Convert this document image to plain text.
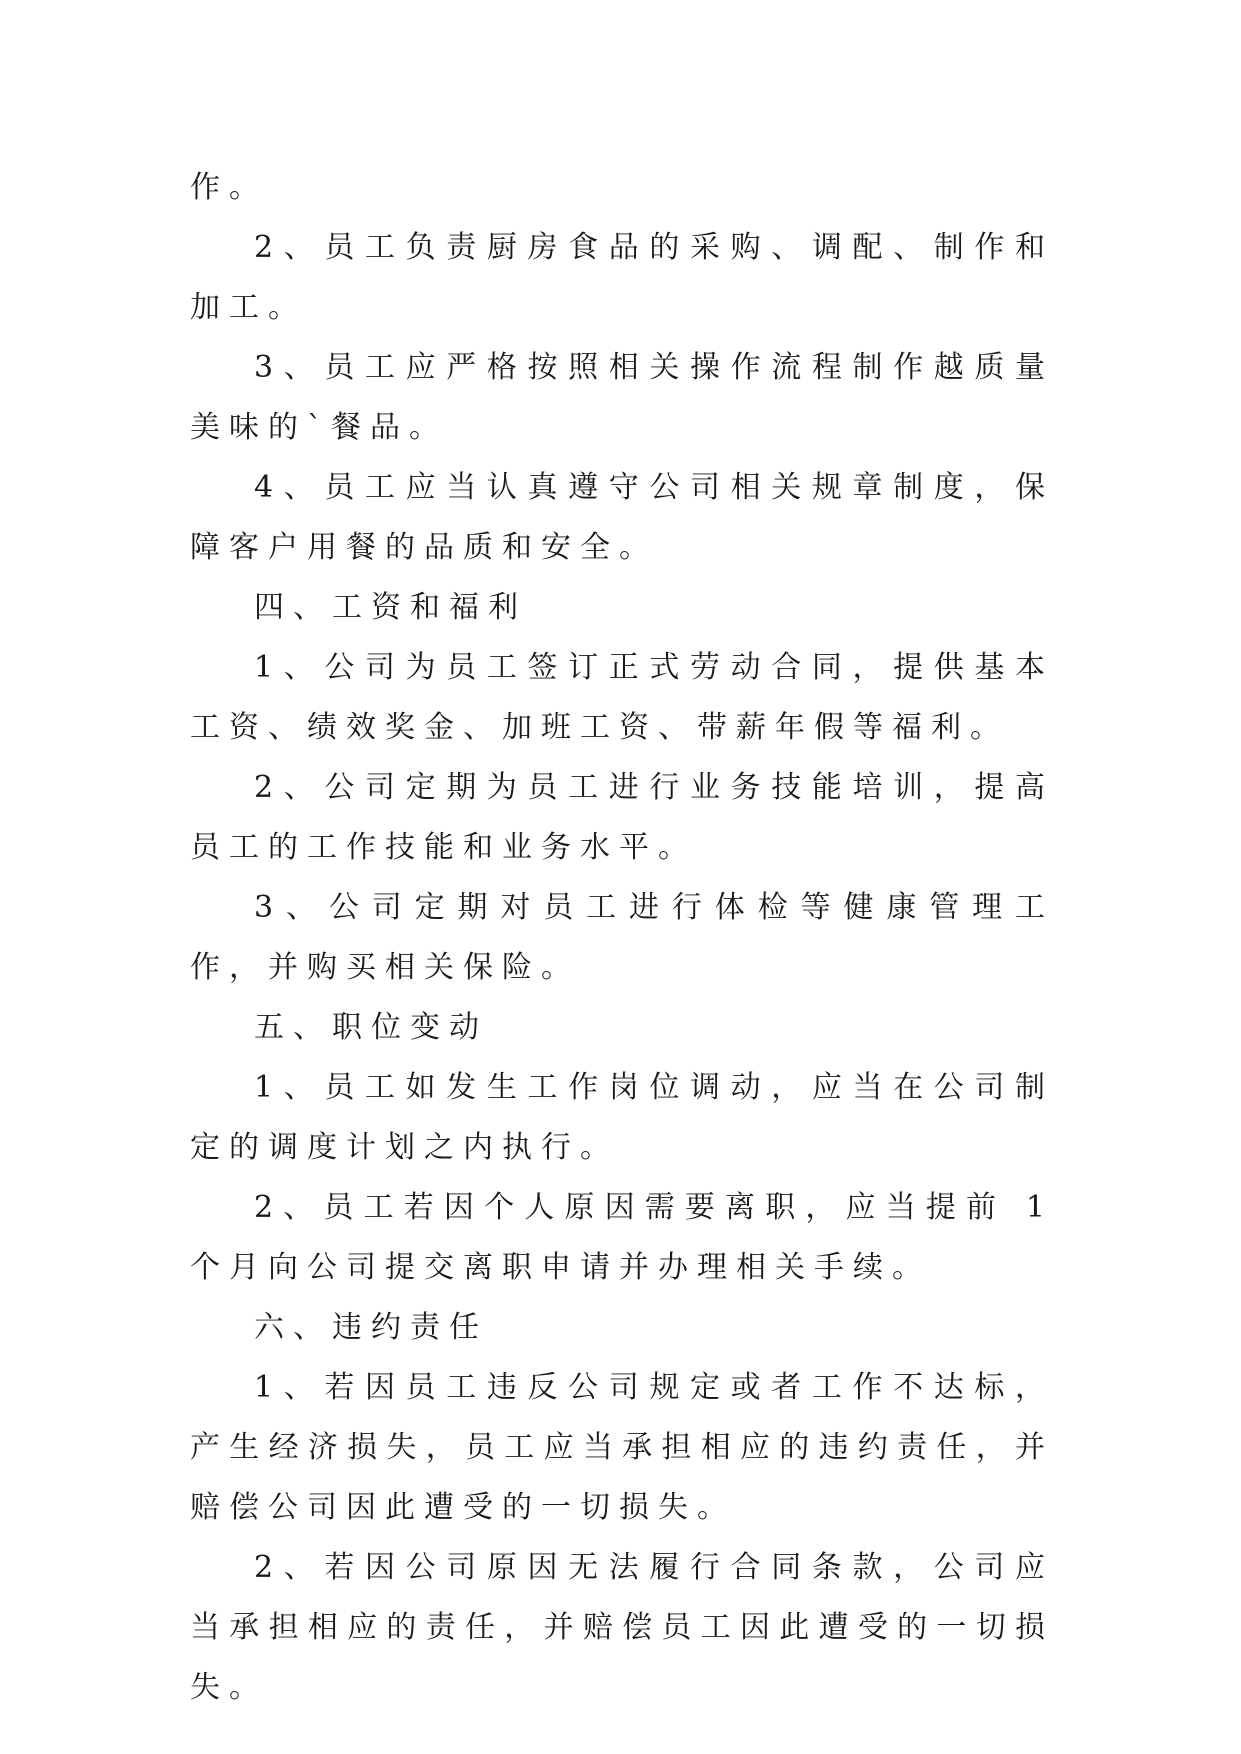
作。

2、员工负责厨房食品的采购、调配、制作和加工。

3、员工应严格按照相关操作流程制作越质量美味的`餐品。

4、员工应当认真遵守公司相关规章制度，保障客户用餐的品质和安全。

四、工资和福利

1、公司为员工签订正式劳动合同，提供基本工资、绩效奖金、加班工资、带薪年假等福利。

2、公司定期为员工进行业务技能培训，提高员工的工作技能和业务水平。

3、公司定期对员工进行体检等健康管理工作，并购买相关保险。

五、职位变动

1、员工如发生工作岗位调动，应当在公司制定的调度计划之内执行。

2、员工若因个人原因需要离职，应当提前 1 个月向公司提交离职申请并办理相关手续。

六、违约责任

1、若因员工违反公司规定或者工作不达标，产生经济损失，员工应当承担相应的违约责任，并赔偿公司因此遭受的一切损失。

2、若因公司原因无法履行合同条款，公司应当承担相应的责任，并赔偿员工因此遭受的一切损失。
